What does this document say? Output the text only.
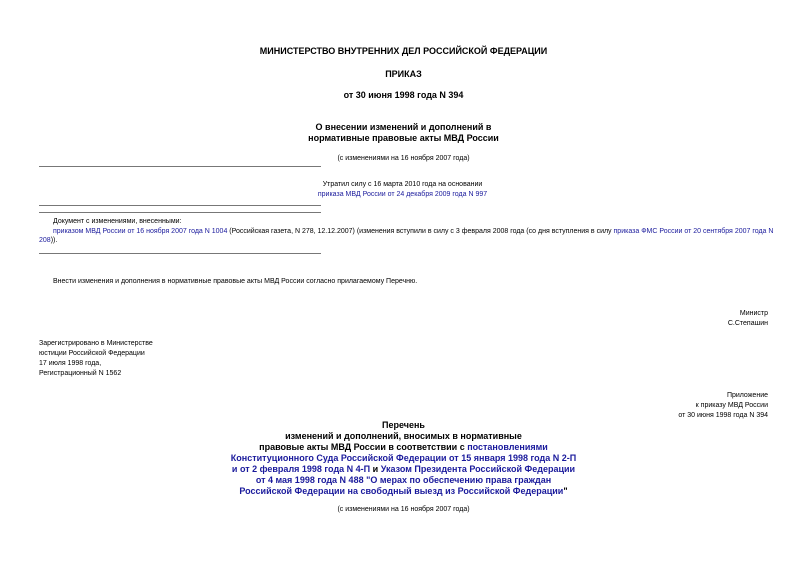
МИНИСТЕРСТВО ВНУТРЕННИХ ДЕЛ РОССИЙСКОЙ ФЕДЕРАЦИИ
ПРИКАЗ
от 30 июня 1998 года N 394
О внесении изменений и дополнений в
нормативные правовые акты МВД России
(с изменениями на 16 ноября 2007 года)
Утратил силу с 16 марта 2010 года на основании
приказа МВД России от 24 декабря 2009 года N 997
Документ с изменениями, внесенными:
приказом МВД России от 16 ноября 2007 года N 1004 (Российская газета, N 278, 12.12.2007) (изменения вступили в силу с 3 февраля 2008 года (со дня вступления в силу приказа ФМС России от 20 сентября 2007 года N 208)).
Внести изменения и дополнения в нормативные правовые акты МВД России согласно прилагаемому Перечню.
Министр
С.Степашин
Зарегистрировано в Министерстве
юстиции Российской Федерации
17 июля 1998 года,
Регистрационный N 1562
Приложение
к приказу МВД России
от 30 июня 1998 года N 394
Перечень
изменений и дополнений, вносимых в нормативные
правовые акты МВД России в соответствии с постановлениями
Конституционного Суда Российской Федерации от 15 января 1998 года N 2-П
и от 2 февраля 1998 года N 4-П и Указом Президента Российской Федерации
от 4 мая 1998 года N 488 "О мерах по обеспечению права граждан
Российской Федерации на свободный выезд из Российской Федерации"
(с изменениями на 16 ноября 2007 года)
